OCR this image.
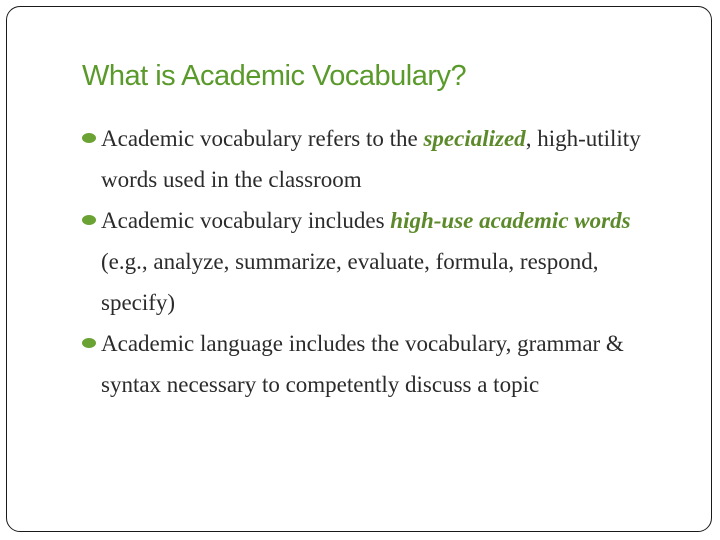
What is Academic Vocabulary?
Academic vocabulary refers to the specialized, high-utility words used in the classroom
Academic vocabulary includes high-use academic words (e.g., analyze, summarize, evaluate, formula, respond, specify)
Academic language includes the vocabulary, grammar & syntax necessary to competently discuss a topic
